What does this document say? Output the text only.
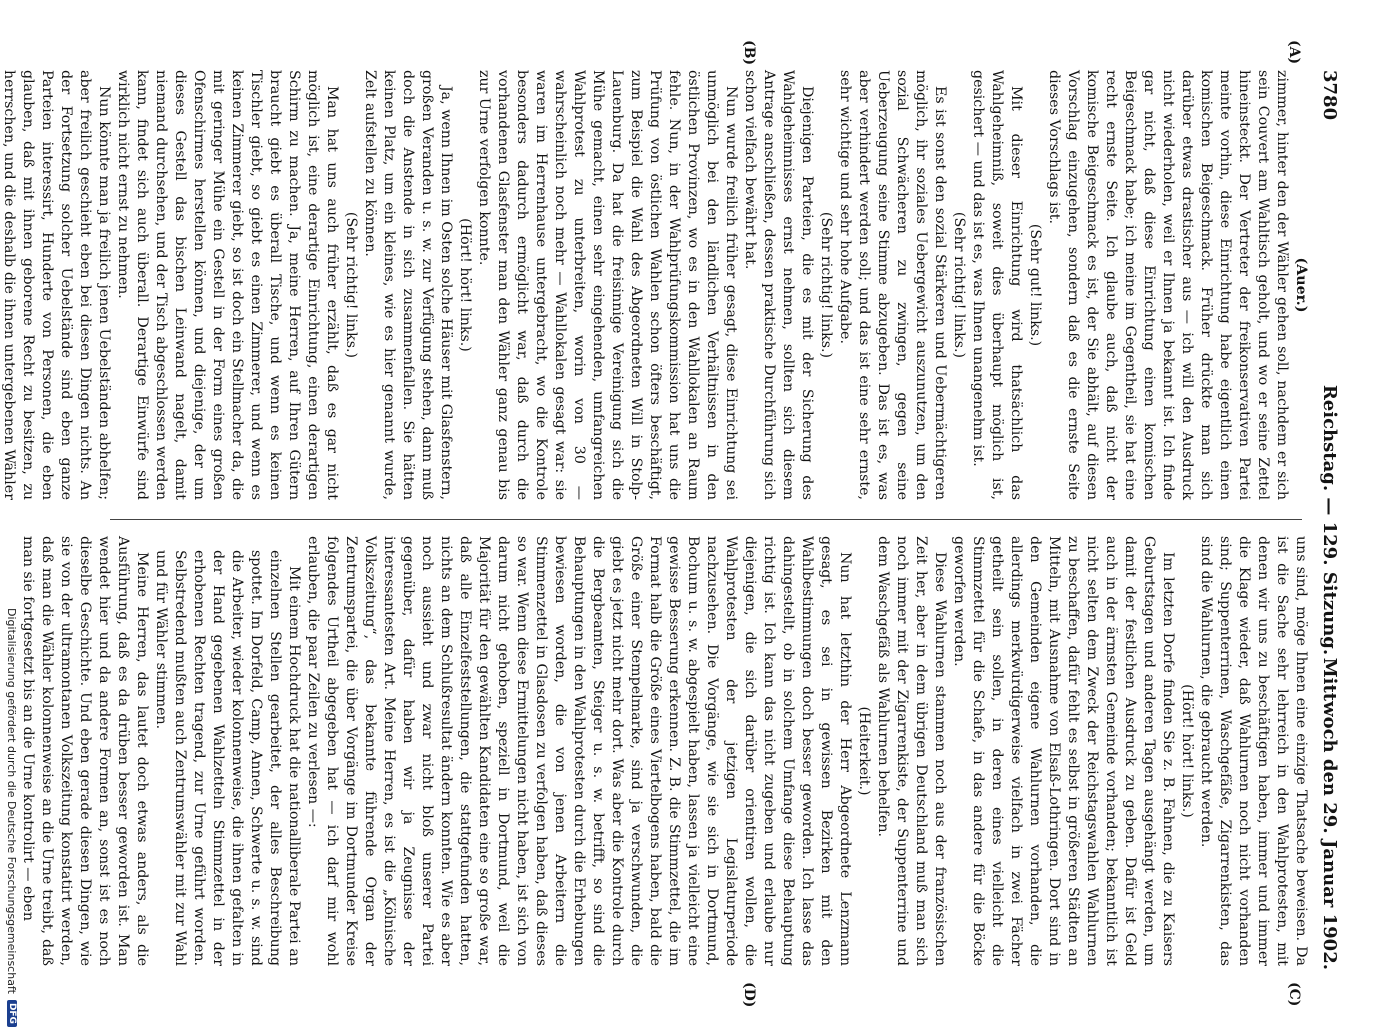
3780
Reichstag. — 129. Sitzung.
Mittwoch den 29. Januar 1902.
(A)
(B)
(C)
(D)

(Auer.)

zimmer, hinter den der Wähler gehen soll, nachdem er sich sein Couvert am Wahltisch geholt, und wo er seine Zettel hineinsteckt. Der Vertreter der freikonservativen Partei meinte vorhin, diese Einrichtung habe eigentlich einen komischen Beigeschmack. Früher drückte man sich darüber etwas drastischer aus — ich will den Ausdruck nicht wiederholen, weil er Ihnen ja bekannt ist. Ich finde gar nicht, daß diese Einrichtung einen komischen Beigeschmack habe; ich meine im Gegentheil, sie hat eine recht ernste Seite. Ich glaube auch, daß nicht der komische Beigeschmack es ist, der Sie abhält, auf diesen Vorschlag einzugehen, sondern daß es die ernste Seite dieses Vorschlags ist.

(Sehr gut! links.)

Mit dieser Einrichtung wird thatsächlich das Wahlgeheimniß, soweit dies überhaupt möglich ist, gesichert — und das ist es, was Ihnen unangenehm ist.

(Sehr richtig! links.)

Es ist sonst den sozial Stärkeren und Uebermächtigeren möglich, ihr soziales Uebergewicht auszunutzen, um den sozial Schwächeren zu zwingen, gegen seine Ueberzeugung seine Stimme abzugeben. Das ist es, was aber verhindert werden soll; und das ist eine sehr ernste, sehr wichtige und sehr hohe Aufgabe.

(Sehr richtig! links.)

Diejenigen Parteien, die es mit der Sicherung des Wahlgeheimnisses ernst nehmen, sollten sich diesem Antrage anschließen, dessen praktische Durchführung sich schon vielfach bewährt hat.

Nun wurde freilich früher gesagt, diese Einrichtung sei unmöglich bei den ländlichen Verhältnissen in den östlichen Provinzen, wo es in den Wahllokalen an Raum fehle. Nun, in der Wahlprüfungskommission hat uns die Prüfung von östlichen Wahlen schon öfters beschäftigt, zum Beispiel die Wahl des Abgeordneten Will in Stolp-Lauenburg. Da hat die freisinnige Vereinigung sich die Mühe gemacht, einen sehr eingehenden, umfangreichen Wahlprotest zu unterbreiten, worin von 30 — wahrscheinlich noch mehr — Wahllokalen gesagt war: sie waren im Herrenhause untergebracht, wo die Kontrole besonders dadurch ermöglicht war, daß durch die vorhandenen Glasfenster man den Wähler ganz genau bis zur Urne verfolgen konnte.

(Hört! hört! links.)

Ja, wenn Ihnen im Osten solche Häuser mit Glasfenstern, großen Veranden u. s. w. zur Verfügung stehen, dann muß doch die Anstende in sich zusammenfallen. Sie hätten keinen Platz, um ein kleines, wie es hier genannt wurde, Zelt aufstellen zu können.

(Sehr richtig! links.)

Man hat uns auch früher erzählt, daß es gar nicht möglich ist, eine derartige Einrichtung, einen derartigen Schirm zu machen. Ja, meine Herren, auf Ihren Gütern braucht giebt es überall Tische, und wenn es keinen Tischler giebt, so giebt es einen Zimmerer, und wenn es keinen Zimmerer giebt, so ist doch ein Stellmacher da, die mit geringer Mühe ein Gestell in der Form eines großen Ofenschirmes herstellen können, und diejenige, der um dieses Gestell das bischen Leinwand nagelt, damit niemand durchsehen, und der Tisch abgeschlossen werden kann, findet sich auch überall. Derartige Einwürfe sind wirklich nicht ernst zu nehmen.

Nun könnte man ja freilich jenen Uebelständen abhelfen; aber freilich geschieht eben bei diesen Dingen nichts. An der Fortsetzung solcher Uebelstände sind eben ganze Parteien interessirt, Hunderte von Personen, die eben glauben, daß mit ihnen geborene Recht zu besitzen, zu herrschen, und die deshalb die ihnen untergebenen Wähler

uns sind, möge Ihnen eine einzige Thatsache beweisen. Da ist die Sache sehr lehrreich in den Wahlprotesten, mit denen wir uns zu beschäftigen haben, immer und immer die Klage wieder, daß Wahlurnen noch nicht vorhanden sind; Suppenterrinen, Waschgefäße, Zigarrenkisten, das sind die Wahlurnen, die gebraucht werden.

(Hört! hört! links.)

Im letzten Dorfe finden Sie z. B. Fahnen, die zu Kaisers Geburtstagen und anderen Tagen ausgehängt werden, um damit der festlichen Ausdruck zu geben. Dafür ist Geld auch in der ärmsten Gemeinde vorhanden; bekanntlich ist nicht selten dem Zweck der Reichstagswahlen Wahlurnen zu beschaffen, dafür fehlt es selbst in größeren Städten an Mitteln, mit Ausnahme von Elsaß-Lothringen. Dort sind in den Gemeinden eigene Wahlurnen vorhanden, die allerdings merkwürdigerweise vielfach in zwei Fächer getheilt sein sollen, in deren eines vielleicht die Stimmzettel für die Schafe, in das andere für die Böcke geworfen werden.

Diese Wahlurnen stammen noch aus der französischen Zeit her, aber in dem übrigen Deutschland muß man sich noch immer mit der Zigarrenkiste, der Suppenterrine und dem Waschgefäß als Wahlurnen behelfen.

(Heiterkeit.)

Nun hat letzthin der Herr Abgeordnete Lenzmann gesagt, es sei in gewissen Bezirken mit den Wahlbestimmungen doch besser geworden. Ich lasse das dahingestellt, ob in solchem Umfange diese Behauptung richtig ist. Ich kann das nicht zugeben und erlaube nur diejenigen, die sich darüber orientiren wollen, die Wahlprotesten der jetzigen Legislaturperiode nachzusehen. Die Vorgänge, wie sie sich in Dortmund, Bochum u. s. w. abgespielt haben, lassen ja vielleicht eine gewisse Besserung erkennen. Z. B. die Stimmzettel, die im Format halb die Größe eines Viertelbogens haben, bald die Größe einer Stempelmarke, sind ja verschwunden, die giebt es jetzt nicht mehr dort. Was aber die Kontrole durch die Bergbeamten, Steiger u. s. w. betrifft, so sind die Behauptungen in den Wahlprotesten durch die Erhebungen bewiesen worden, die von jenen Arbeitern die Stimmenzettel in Glasdosen zu verfolgen haben, daß dieses so war. Wenn diese Ermittelungen nicht haben, ist sich von darum nicht gehoben, speziell in Dortmund, weil die Majorität für den gewählten Kandidaten eine so große war, daß alle Einzelfeststellungen, die stattgefunden hatten, nichts an dem Schlußresultat ändern konnten. Wie es aber noch aussieht und zwar nicht bloß unserer Partei gegenüber, dafür haben wir ja Zeugnisse der interessantesten Art. Meine Herren, es ist die „Kölnische Volkszeitung“, das bekannte führende Organ der Zentrumspartei, die über Vorgänge im Dortmunder Kreise folgendes Urtheil abgegeben hat — ich darf mir wohl erlauben, die paar Zeilen zu verlesen —:

Mit einem Hochdruck hat die nationalliberale Partei an einzelnen Stellen gearbeitet, der alles Beschreibung spottet. Im Dorfeld, Camp, Annen, Schwerte u. s. w. sind die Arbeiter, wieder kolonnenweise, die ihnen gefalten in der Hand gegebenen Wahlzetteln Stimmzettel in der erhobenen Rechten tragend, zur Urne geführt worden. Selbstredend mußten auch Zentrumswähler mit zur Wahl und für Wähler stimmen.

Meine Herren, das lautet doch etwas anders, als die Ausführung, daß es da drüben besser geworden ist. Man wendet hier und da andere Formen an, sonst ist es noch dieselbe Geschichte. Und eben gerade diesen Dingen, wie sie von der ultramontanen Volkszeitung konstatirt werden, daß man die Wähler kolonnenweise an die Urne treibt, daß man sie fortgesetzt bis an die Urne kontrolirt — eben

Digitalisierung gefördert durch die Deutsche Forschungsgemeinschaft
DFG
